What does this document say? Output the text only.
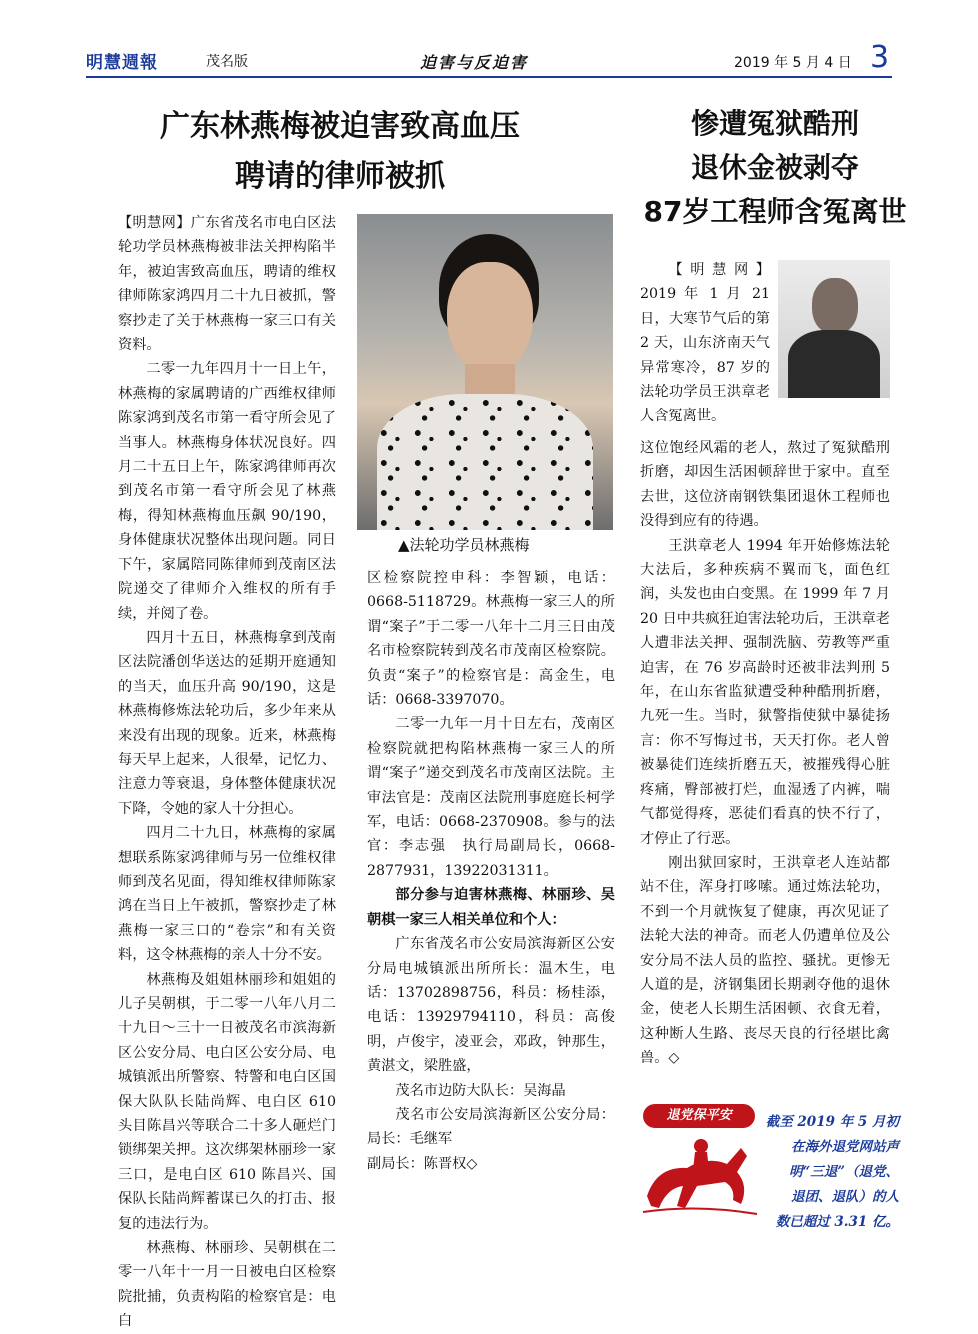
明慧週報	茂名版	迫害与反迫害	2019 年 5 月 4 日 3
广东林燕梅被迫害致高血压
聘请的律师被抓
惨遭冤狱酷刑
退休金被剥夺
87岁工程师含冤离世

【明慧网】广东省茂名市电白区法轮功学员林燕梅被非法关押构陷半年，被迫害致高血压，聘请的维权律师陈家鸿四月二十九日被抓，警察抄走了关于林燕梅一家三口有关资料。

二零一九年四月十一日上午，林燕梅的家属聘请的广西维权律师陈家鸿到茂名市第一看守所会见了当事人。林燕梅身体状况良好。四月二十五日上午，陈家鸿律师再次到茂名市第一看守所会见了林燕梅，得知林燕梅血压飙 90/190，身体健康状况整体出现问题。同日下午，家属陪同陈律师到茂南区法院递交了律师介入维权的所有手续，并阅了卷。

四月十五日，林燕梅拿到茂南区法院潘创华送达的延期开庭通知的当天，血压升高 90/190，这是林燕梅修炼法轮功后，多少年来从来没有出现的现象。近来，林燕梅每天早上起来，人很晕，记忆力、注意力等衰退，身体整体健康状况下降，令她的家人十分担心。

四月二十九日，林燕梅的家属想联系陈家鸿律师与另一位维权律师到茂名见面，得知维权律师陈家鸿在当日上午被抓，警察抄走了林燕梅一家三口的“卷宗”和有关资料，这令林燕梅的亲人十分不安。

林燕梅及姐姐林丽珍和姐姐的儿子吴朝棋，于二零一八年八月二十九日～三十一日被茂名市滨海新区公安分局、电白区公安分局、电城镇派出所警察、特警和电白区国保大队队长陆尚辉、电白区 610 头目陈昌兴等联合二十多人砸烂门锁绑架关押。这次绑架林丽珍一家三口，是电白区 610 陈昌兴、国保队长陆尚辉蓄谋已久的打击、报复的违法行为。

林燕梅、林丽珍、吴朝棋在二零一八年十一月一日被电白区检察院批捕，负责构陷的检察官是：电白

▲法轮功学员林燕梅

区检察院控申科：李智颖，电话：0668-5118729。林燕梅一家三人的所谓“案子”于二零一八年十二月三日由茂名市检察院转到茂名市茂南区检察院。负责“案子”的检察官是：高金生，电话：0668-3397070。

二零一九年一月十日左右，茂南区检察院就把构陷林燕梅一家三人的所谓“案子”递交到茂名市茂南区法院。主审法官是：茂南区法院刑事庭庭长柯学军，电话：0668-2370908。参与的法官：李志强　执行局副局长，0668-2877931，13922031311。

部分参与迫害林燕梅、林丽珍、吴朝棋一家三人相关单位和个人：

广东省茂名市公安局滨海新区公安分局电城镇派出所所长：温木生，电话：13702898756，科员：杨桂添，电话：13929794110，科员：高俊明，卢俊宇，凌亚会，邓政，钟那生，黄湛文，梁胜盛，

茂名市边防大队长：吴海晶

茂名市公安局滨海新区公安分局：局长：毛继军

副局长：陈晋权◇

【明慧网】2019 年 1 月 21 日，大寒节气后的第 2 天，山东济南天气异常寒冷，87 岁的法轮功学员王洪章老人含冤离世。

这位饱经风霜的老人，熬过了冤狱酷刑折磨，却因生活困顿辞世于家中。直至去世，这位济南钢铁集团退休工程师也没得到应有的待遇。

王洪章老人 1994 年开始修炼法轮大法后，多种疾病不翼而飞，面色红润，头发也由白变黑。在 1999 年 7 月 20 日中共疯狂迫害法轮功后，王洪章老人遭非法关押、强制洗脑、劳教等严重迫害，在 76 岁高龄时还被非法判刑 5 年，在山东省监狱遭受种种酷刑折磨，九死一生。当时，狱警指使狱中暴徒扬言：你不写悔过书，天天打你。老人曾被暴徒们连续折磨五天，被摧残得心脏疼痛，臀部被打烂，血湿透了内裤，喘气都觉得疼，恶徒们看真的快不行了，才停止了行恶。

刚出狱回家时，王洪章老人连站都站不住，浑身打哆嗦。通过炼法轮功，不到一个月就恢复了健康，再次见证了法轮大法的神奇。而老人仍遭单位及公安分局不法人员的监控、骚扰。更惨无人道的是，济钢集团长期剥夺他的退休金，使老人长期生活困顿、衣食无着，这种断人生路、丧尽天良的行径堪比禽兽。◇

退党保平安	截至 2019 年 5 月初
在海外退党网站声
明“三退”（退党、
退团、退队）的人
数已超过 3.31 亿。
